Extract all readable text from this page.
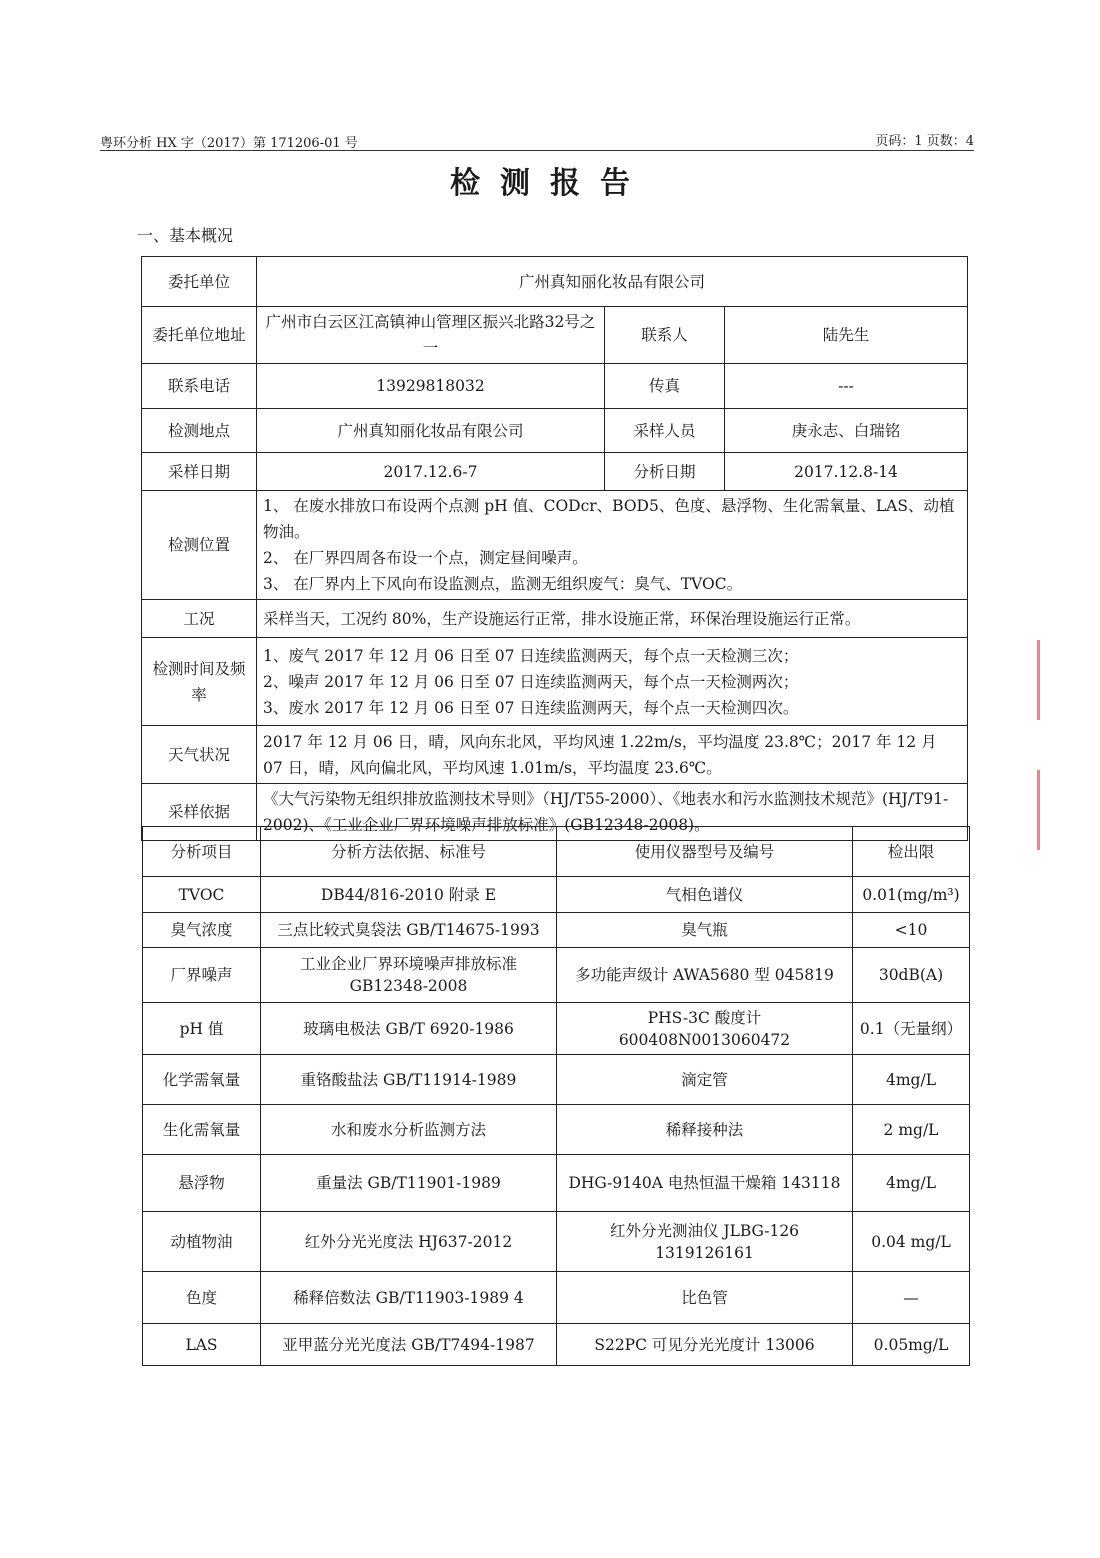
粤环分析 HX 字（2017）第 171206-01 号	页码：1 页数：4
检测报告
一、基本概况
委托单位	广州真知丽化妆品有限公司		
委托单位地址	广州市白云区江高镇神山管理区振兴北路32号之一	联系人	陆先生
联系电话	13929818032	传真	---
检测地点	广州真知丽化妆品有限公司	采样人员	庚永志、白瑞铭
采样日期	2017.12.6-7	分析日期	2017.12.8-14
检测位置	1、 在废水排放口布设两个点测 pH 值、CODcr、BOD5、色度、悬浮物、生化需氧量、LAS、动植物油。
2、 在厂界四周各布设一个点，测定昼间噪声。
3、 在厂界内上下风向布设监测点，监测无组织废气：臭气、TVOC。		

工况	采样当天，工况约 80%，生产设施运行正常，排水设施正常，环保治理设施运行正常。		
检测时间及频率	1、废气 2017 年 12 月 06 日至 07 日连续监测两天，每个点一天检测三次；
2、噪声 2017 年 12 月 06 日至 07 日连续监测两天，每个点一天检测两次；
3、废水 2017 年 12 月 06 日至 07 日连续监测两天，每个点一天检测四次。		

天气状况	2017 年 12 月 06 日，晴，风向东北风，平均风速 1.22m/s，平均温度 23.8℃；2017 年 12 月 07 日，晴，风向偏北风，平均风速 1.01m/s，平均温度 23.6℃。		
采样依据	《大气污染物无组织排放监测技术导则》（HJ/T55-2000）、《地表水和污水监测技术规范》(HJ/T91-2002)、《工业企业厂界环境噪声排放标准》(GB12348-2008)。		
分析项目	分析方法依据、标准号	使用仪器型号及编号	检出限
TVOC	DB44/816-2010 附录 E	气相色谱仪	0.01(mg/m³)
臭气浓度	三点比较式臭袋法 GB/T14675-1993	臭气瓶	<10
厂界噪声	工业企业厂界环境噪声排放标准 GB12348-2008	多功能声级计 AWA5680 型 045819	30dB(A)
pH 值	玻璃电极法 GB/T 6920-1986	PHS-3C 酸度计 600408N0013060472	0.1（无量纲）
化学需氧量	重铬酸盐法 GB/T11914-1989	滴定管	4mg/L
生化需氧量	水和废水分析监测方法	稀释接种法	2 mg/L
悬浮物	重量法 GB/T11901-1989	DHG-9140A 电热恒温干燥箱 143118	4mg/L
动植物油	红外分光光度法 HJ637-2012	红外分光测油仪 JLBG-126 1319126161	0.04 mg/L
色度	稀释倍数法 GB/T11903-1989 4	比色管	—
LAS	亚甲蓝分光光度法 GB/T7494-1987	S22PC 可见分光光度计 13006	0.05mg/L
